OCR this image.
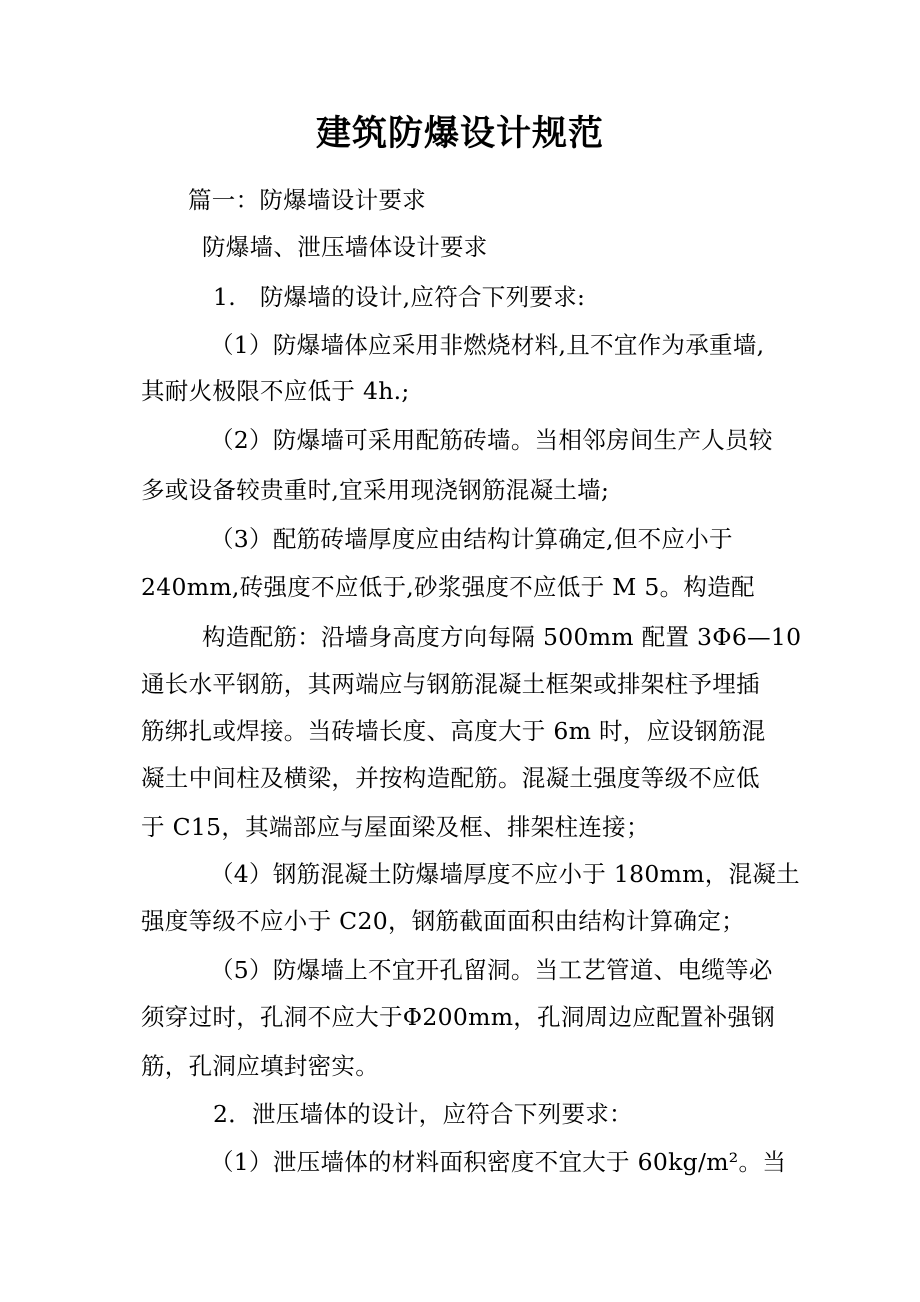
建筑防爆设计规范
篇一：防爆墙设计要求
防爆墙、泄压墙体设计要求
1.　防爆墙的设计,应符合下列要求:
（1）防爆墙体应采用非燃烧材料,且不宜作为承重墙,
其耐火极限不应低于 4h.;
（2）防爆墙可采用配筋砖墙。当相邻房间生产人员较
多或设备较贵重时,宜采用现浇钢筋混凝土墙;
（3）配筋砖墙厚度应由结构计算确定,但不应小于
240mm,砖强度不应低于,砂浆强度不应低于 M 5。构造配
构造配筋：沿墙身高度方向每隔 500mm 配置 3Φ6—10
通长水平钢筋，其两端应与钢筋混凝土框架或排架柱予埋插
筋绑扎或焊接。当砖墙长度、高度大于 6m 时，应设钢筋混
凝土中间柱及横梁，并按构造配筋。混凝土强度等级不应低
于 C15，其端部应与屋面梁及框、排架柱连接；
（4）钢筋混凝土防爆墙厚度不应小于 180mm，混凝土
强度等级不应小于 C20，钢筋截面面积由结构计算确定；
（5）防爆墙上不宜开孔留洞。当工艺管道、电缆等必
须穿过时，孔洞不应大于Φ200mm，孔洞周边应配置补强钢
筋，孔洞应填封密实。
2．泄压墙体的设计，应符合下列要求：
（1）泄压墙体的材料面积密度不宜大于 60kg/m²。当
